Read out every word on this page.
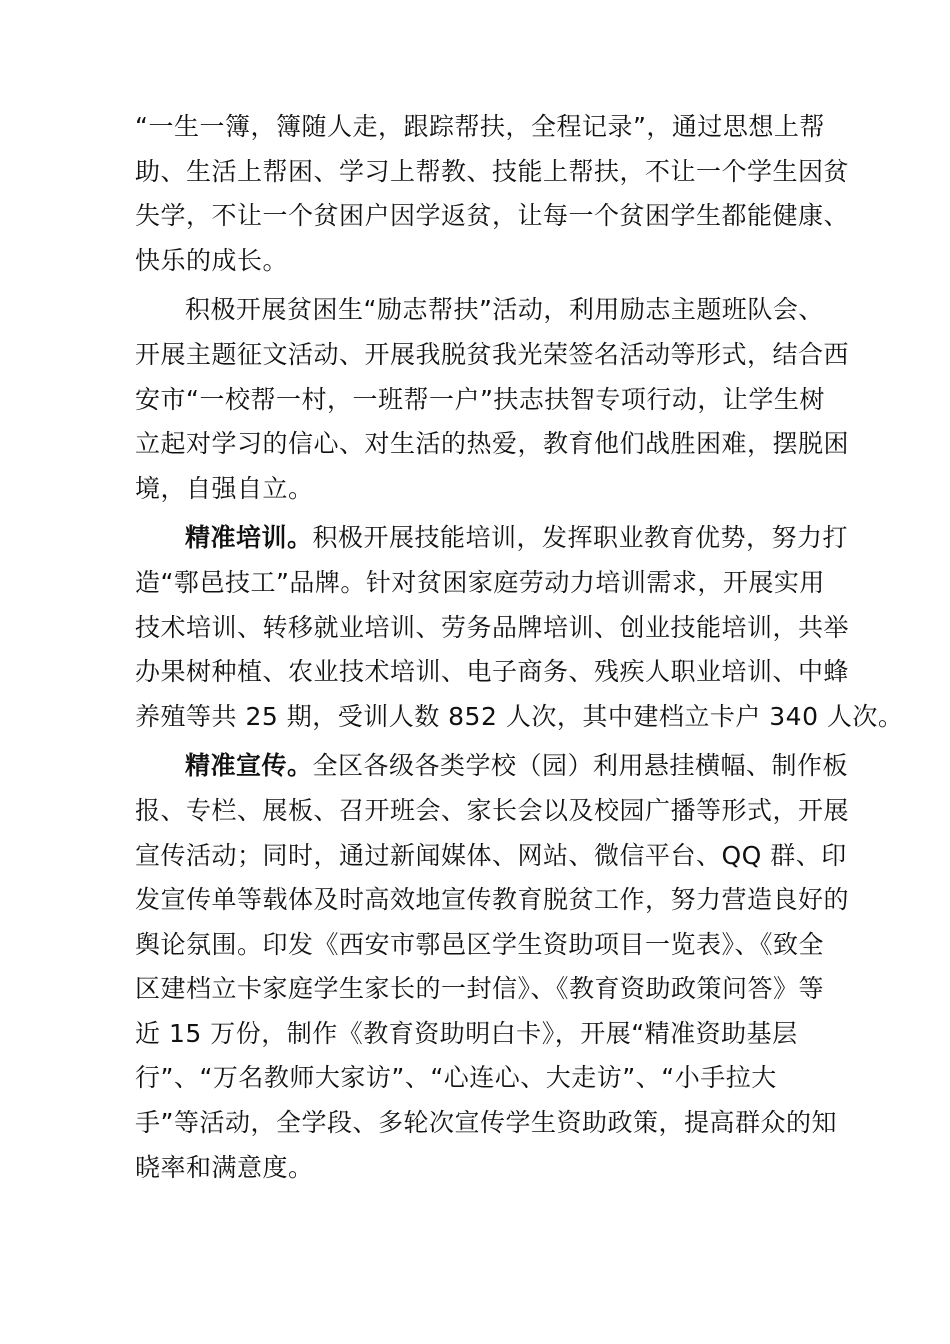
“一生一簿，簿随人走，跟踪帮扶，全程记录”，通过思想上帮
助、生活上帮困、学习上帮教、技能上帮扶，不让一个学生因贫
失学，不让一个贫困户因学返贫，让每一个贫困学生都能健康、
快乐的成长。
积极开展贫困生“励志帮扶”活动，利用励志主题班队会、
开展主题征文活动、开展我脱贫我光荣签名活动等形式，结合西
安市“一校帮一村，一班帮一户”扶志扶智专项行动，让学生树
立起对学习的信心、对生活的热爱，教育他们战胜困难，摆脱困
境，自强自立。
精准培训。积极开展技能培训，发挥职业教育优势，努力打
造“鄠邑技工”品牌。针对贫困家庭劳动力培训需求，开展实用
技术培训、转移就业培训、劳务品牌培训、创业技能培训，共举
办果树种植、农业技术培训、电子商务、残疾人职业培训、中蜂
养殖等共 25 期，受训人数 852 人次，其中建档立卡户 340 人次。
精准宣传。全区各级各类学校（园）利用悬挂横幅、制作板
报、专栏、展板、召开班会、家长会以及校园广播等形式，开展
宣传活动；同时，通过新闻媒体、网站、微信平台、QQ 群、印
发宣传单等载体及时高效地宣传教育脱贫工作，努力营造良好的
舆论氛围。印发《西安市鄠邑区学生资助项目一览表》、《致全
区建档立卡家庭学生家长的一封信》、《教育资助政策问答》等
近 15 万份，制作《教育资助明白卡》，开展“精准资助基层
行”、“万名教师大家访”、“心连心、大走访”、“小手拉大
手”等活动，全学段、多轮次宣传学生资助政策，提高群众的知
晓率和满意度。
